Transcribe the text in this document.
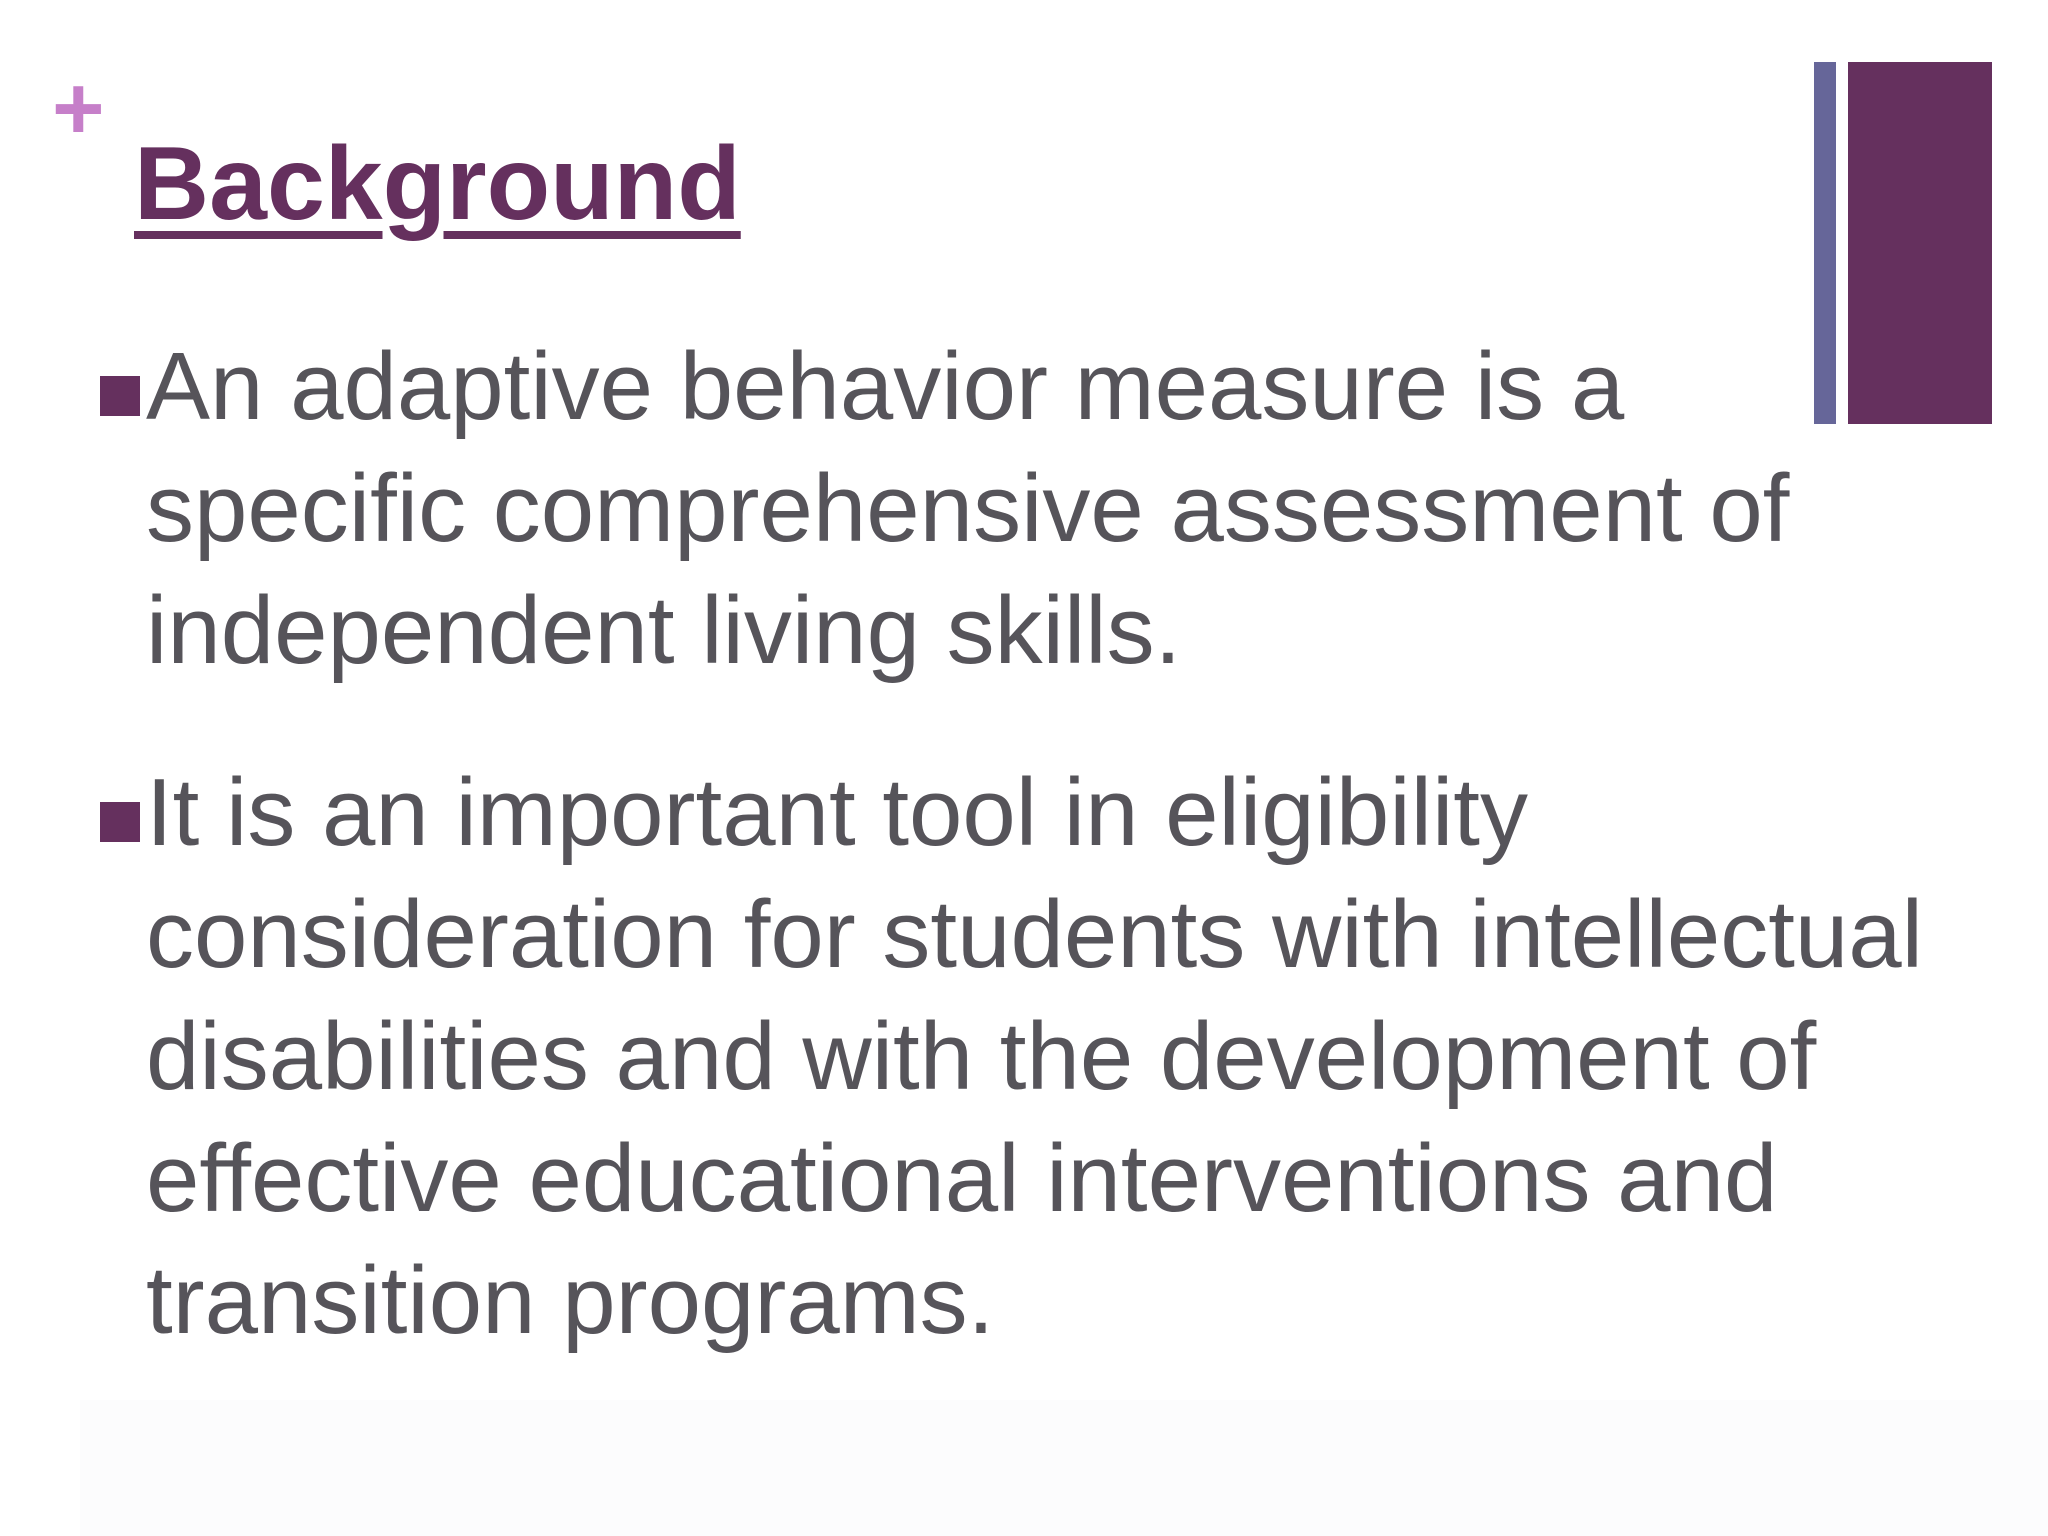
+
Background
An adaptive behavior measure is a
specific comprehensive assessment of
independent living skills.
It is an important tool in eligibility
consideration for students with intellectual
disabilities and with the development of
effective educational interventions and
transition programs.
